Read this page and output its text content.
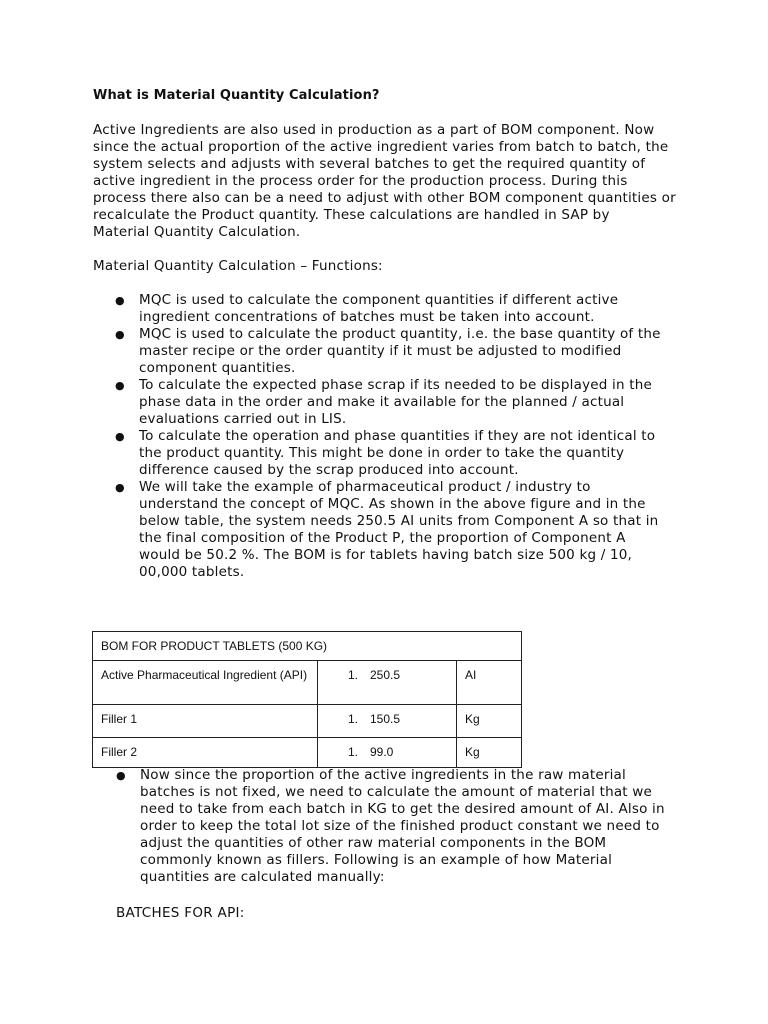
What is Material Quantity Calculation?
Active Ingredients are also used in production as a part of BOM component. Now
since the actual proportion of the active ingredient varies from batch to batch, the
system selects and adjusts with several batches to get the required quantity of
active ingredient in the process order for the production process. During this
process there also can be a need to adjust with other BOM component quantities or
recalculate the Product quantity. These calculations are handled in SAP by
Material Quantity Calculation.
Material Quantity Calculation – Functions:
● MQC is used to calculate the component quantities if different active
ingredient concentrations of batches must be taken into account.
● MQC is used to calculate the product quantity, i.e. the base quantity of the
master recipe or the order quantity if it must be adjusted to modified
component quantities.
● To calculate the expected phase scrap if its needed to be displayed in the
phase data in the order and make it available for the planned / actual
evaluations carried out in LIS.
● To calculate the operation and phase quantities if they are not identical to
the product quantity. This might be done in order to take the quantity
difference caused by the scrap produced into account.
● We will take the example of pharmaceutical product / industry to
understand the concept of MQC. As shown in the above figure and in the
below table, the system needs 250.5 AI units from Component A so that in
the final composition of the Product P, the proportion of Component A
would be 50.2 %. The BOM is for tablets having batch size 500 kg / 10,
00,000 tablets.
BOM FOR PRODUCT TABLETS (500 KG)		
Active Pharmaceutical Ingredient (API)	1. 250.5	AI
Filler 1	1. 150.5	Kg
Filler 2	1. 99.0	Kg
● Now since the proportion of the active ingredients in the raw material
batches is not fixed, we need to calculate the amount of material that we
need to take from each batch in KG to get the desired amount of AI. Also in
order to keep the total lot size of the finished product constant we need to
adjust the quantities of other raw material components in the BOM
commonly known as fillers. Following is an example of how Material
quantities are calculated manually:
BATCHES FOR API:
